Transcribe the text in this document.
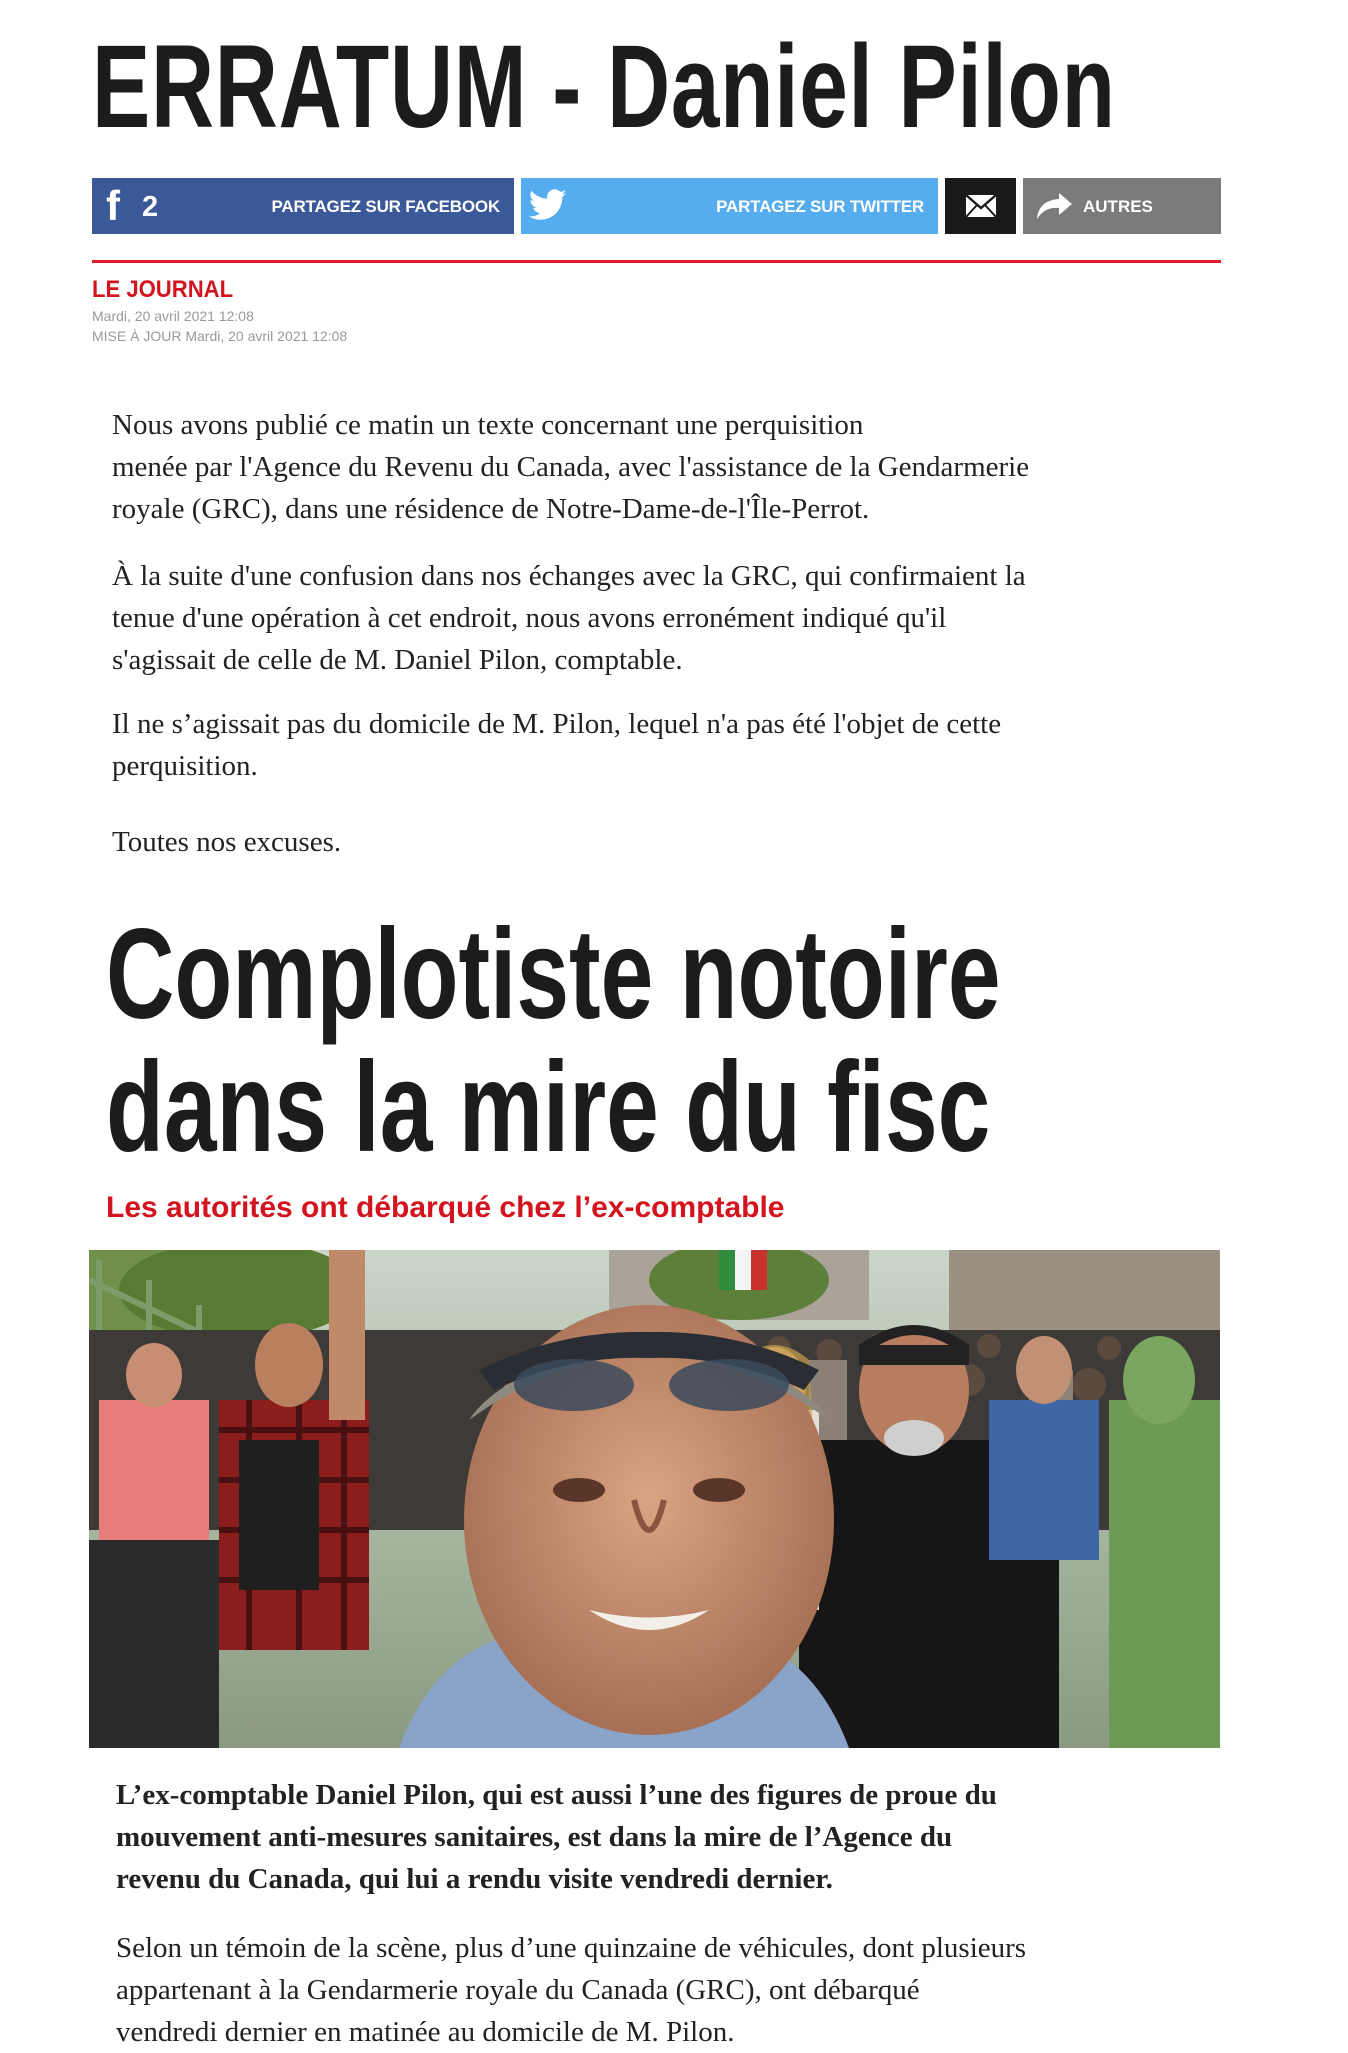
ERRATUM - Daniel Pilon
f 2	PARTAGEZ SUR FACEBOOK	PARTAGEZ SUR TWITTER	AUTRES
LE JOURNAL
Mardi, 20 avril 2021 12:08
MISE À JOUR Mardi, 20 avril 2021 12:08

Nous avons publié ce matin un texte concernant une perquisition
menée par l'Agence du Revenu du Canada, avec l'assistance de la Gendarmerie
royale (GRC), dans une résidence de Notre-Dame-de-l'Île-Perrot.

À la suite d'une confusion dans nos échanges avec la GRC, qui confirmaient la
tenue d'une opération à cet endroit, nous avons erronément indiqué qu'il
s'agissait de celle de M. Daniel Pilon, comptable.

Il ne s’agissait pas du domicile de M. Pilon, lequel n'a pas été l'objet de cette
perquisition.

Toutes nos excuses.

Complotiste notoire dans la mire du fisc

Les autorités ont débarqué chez l’ex-comptable

L’ex-comptable Daniel Pilon, qui est aussi l’une des figures de proue du
mouvement anti-mesures sanitaires, est dans la mire de l’Agence du
revenu du Canada, qui lui a rendu visite vendredi dernier.

Selon un témoin de la scène, plus d’une quinzaine de véhicules, dont plusieurs
appartenant à la Gendarmerie royale du Canada (GRC), ont débarqué
vendredi dernier en matinée au domicile de M. Pilon.
